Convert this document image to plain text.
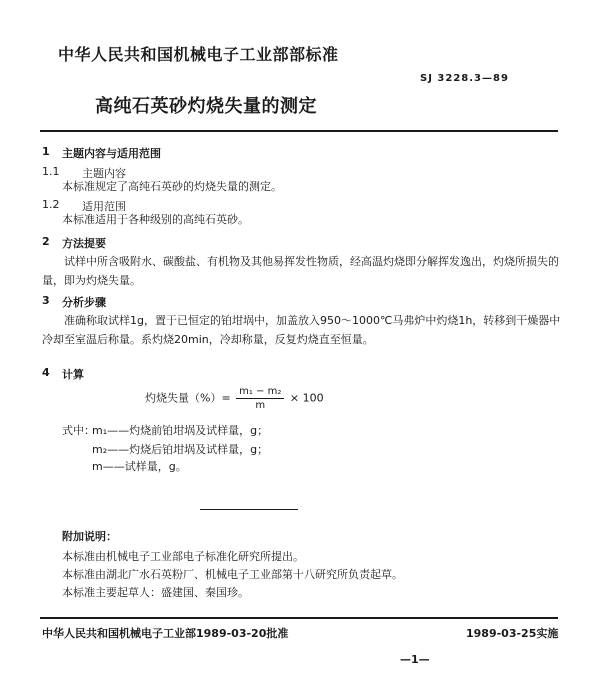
中华人民共和国机械电子工业部部标准
SJ 3228.3—89
高纯石英砂灼烧失量的测定
1 主题内容与适用范围
1.1 主题内容
本标准规定了高纯石英砂的灼烧失量的测定。
1.2 适用范围
本标准适用于各种级别的高纯石英砂。
2 方法提要
试样中所含吸附水、碳酸盐、有机物及其他易挥发性物质，经高温灼烧即分解挥发逸出，灼烧所损失的量，即为灼烧失量。
3 分析步骤
准确称取试样1g，置于已恒定的铂坩埚中，加盖放入950～1000℃马弗炉中灼烧1h，转移到干燥器中冷却至室温后称量。系灼烧20min，冷却称量，反复灼烧直至恒量。
4 计算
灼烧失量（%）= $\frac{\text{m₁ − m₂}}{m} \times 100$
式中：
m₁——灼烧前铂坩埚及试样量，g；
m₂——灼烧后铂坩埚及试样量，g；
m——试样量，g。
附加说明：
本标准由机械电子工业部电子标准化研究所提出。
本标准由湖北广水石英粉厂、机械电子工业部第十八研究所负责起草。
本标准主要起草人：盛建国、秦国珍。
中华人民共和国机械电子工业部1989-03-20批准	1989-03-25实施
—1—
